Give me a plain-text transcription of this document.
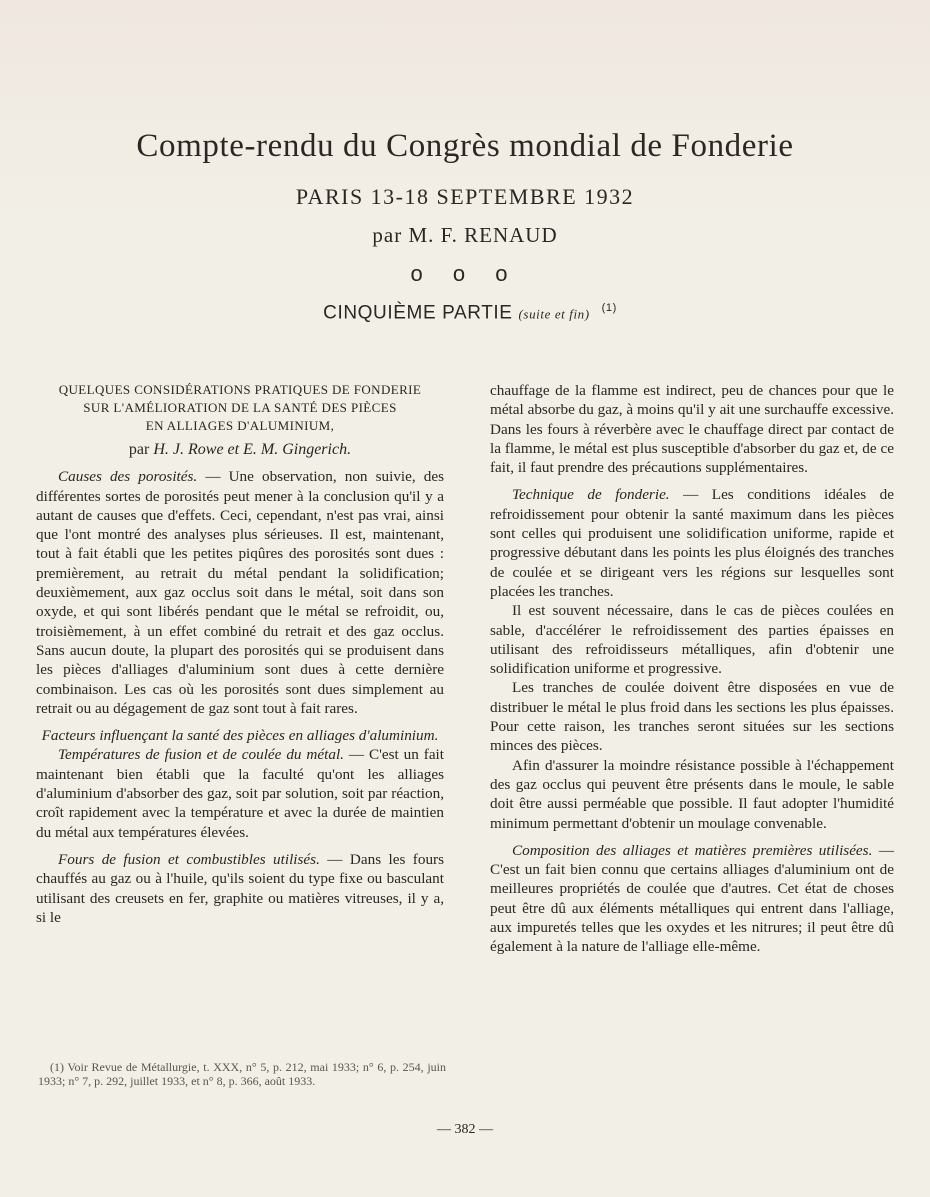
Compte-rendu du Congrès mondial de Fonderie
PARIS 13-18 SEPTEMBRE 1932
par M. F. RENAUD
o o o
CINQUIÈME PARTIE (suite et fin) $^{(1)}$
QUELQUES CONSIDÉRATIONS PRATIQUES DE FONDERIE
SUR L'AMÉLIORATION DE LA SANTÉ DES PIÈCES
EN ALLIAGES D'ALUMINIUM,
par H. J. Rowe et E. M. Gingerich.

Causes des porosités. — Une observation, non suivie, des différentes sortes de porosités peut mener à la conclusion qu'il y a autant de causes que d'effets. Ceci, cependant, n'est pas vrai, ainsi que l'ont montré des analyses plus sérieuses. Il est, maintenant, tout à fait établi que les petites piqûres des porosités sont dues : premièrement, au retrait du métal pendant la solidification; deuxièmement, aux gaz occlus soit dans le métal, soit dans son oxyde, et qui sont libérés pendant que le métal se refroidit, ou, troisièmement, à un effet combiné du retrait et des gaz occlus. Sans aucun doute, la plupart des porosités qui se produisent dans les pièces d'alliages d'aluminium sont dues à cette dernière combinaison. Les cas où les porosités sont dues simplement au retrait ou au dégagement de gaz sont tout à fait rares.

Facteurs influençant la santé des pièces en alliages d'aluminium.

Températures de fusion et de coulée du métal. — C'est un fait maintenant bien établi que la faculté qu'ont les alliages d'aluminium d'absorber des gaz, soit par solution, soit par réaction, croît rapidement avec la température et avec la durée de maintien du métal aux températures élevées.

Fours de fusion et combustibles utilisés. — Dans les fours chauffés au gaz ou à l'huile, qu'ils soient du type fixe ou basculant utilisant des creusets en fer, graphite ou matières vitreuses, il y a, si le

chauffage de la flamme est indirect, peu de chances pour que le métal absorbe du gaz, à moins qu'il y ait une surchauffe excessive. Dans les fours à réverbère avec le chauffage direct par contact de la flamme, le métal est plus susceptible d'absorber du gaz et, de ce fait, il faut prendre des précautions supplémentaires.

Technique de fonderie. — Les conditions idéales de refroidissement pour obtenir la santé maximum dans les pièces sont celles qui produisent une solidification uniforme, rapide et progressive débutant dans les points les plus éloignés des tranches de coulée et se dirigeant vers les régions sur lesquelles sont placées les tranches.

Il est souvent nécessaire, dans le cas de pièces coulées en sable, d'accélérer le refroidissement des parties épaisses en utilisant des refroidisseurs métalliques, afin d'obtenir une solidification uniforme et progressive.

Les tranches de coulée doivent être disposées en vue de distribuer le métal le plus froid dans les sections les plus épaisses. Pour cette raison, les tranches seront situées sur les sections minces des pièces.

Afin d'assurer la moindre résistance possible à l'échappement des gaz occlus qui peuvent être présents dans le moule, le sable doit être aussi perméable que possible. Il faut adopter l'humidité minimum permettant d'obtenir un moulage convenable.

Composition des alliages et matières premières utilisées. — C'est un fait bien connu que certains alliages d'aluminium ont de meilleures propriétés de coulée que d'autres. Cet état de choses peut être dû aux éléments métalliques qui entrent dans l'alliage, aux impuretés telles que les oxydes et les nitrures; il peut être dû également à la nature de l'alliage elle-même.

(1) Voir Revue de Métallurgie, t. XXX, n° 5, p. 212, mai 1933; n° 6, p. 254, juin 1933; n° 7, p. 292, juillet 1933, et n° 8, p. 366, août 1933.
— 382 —
